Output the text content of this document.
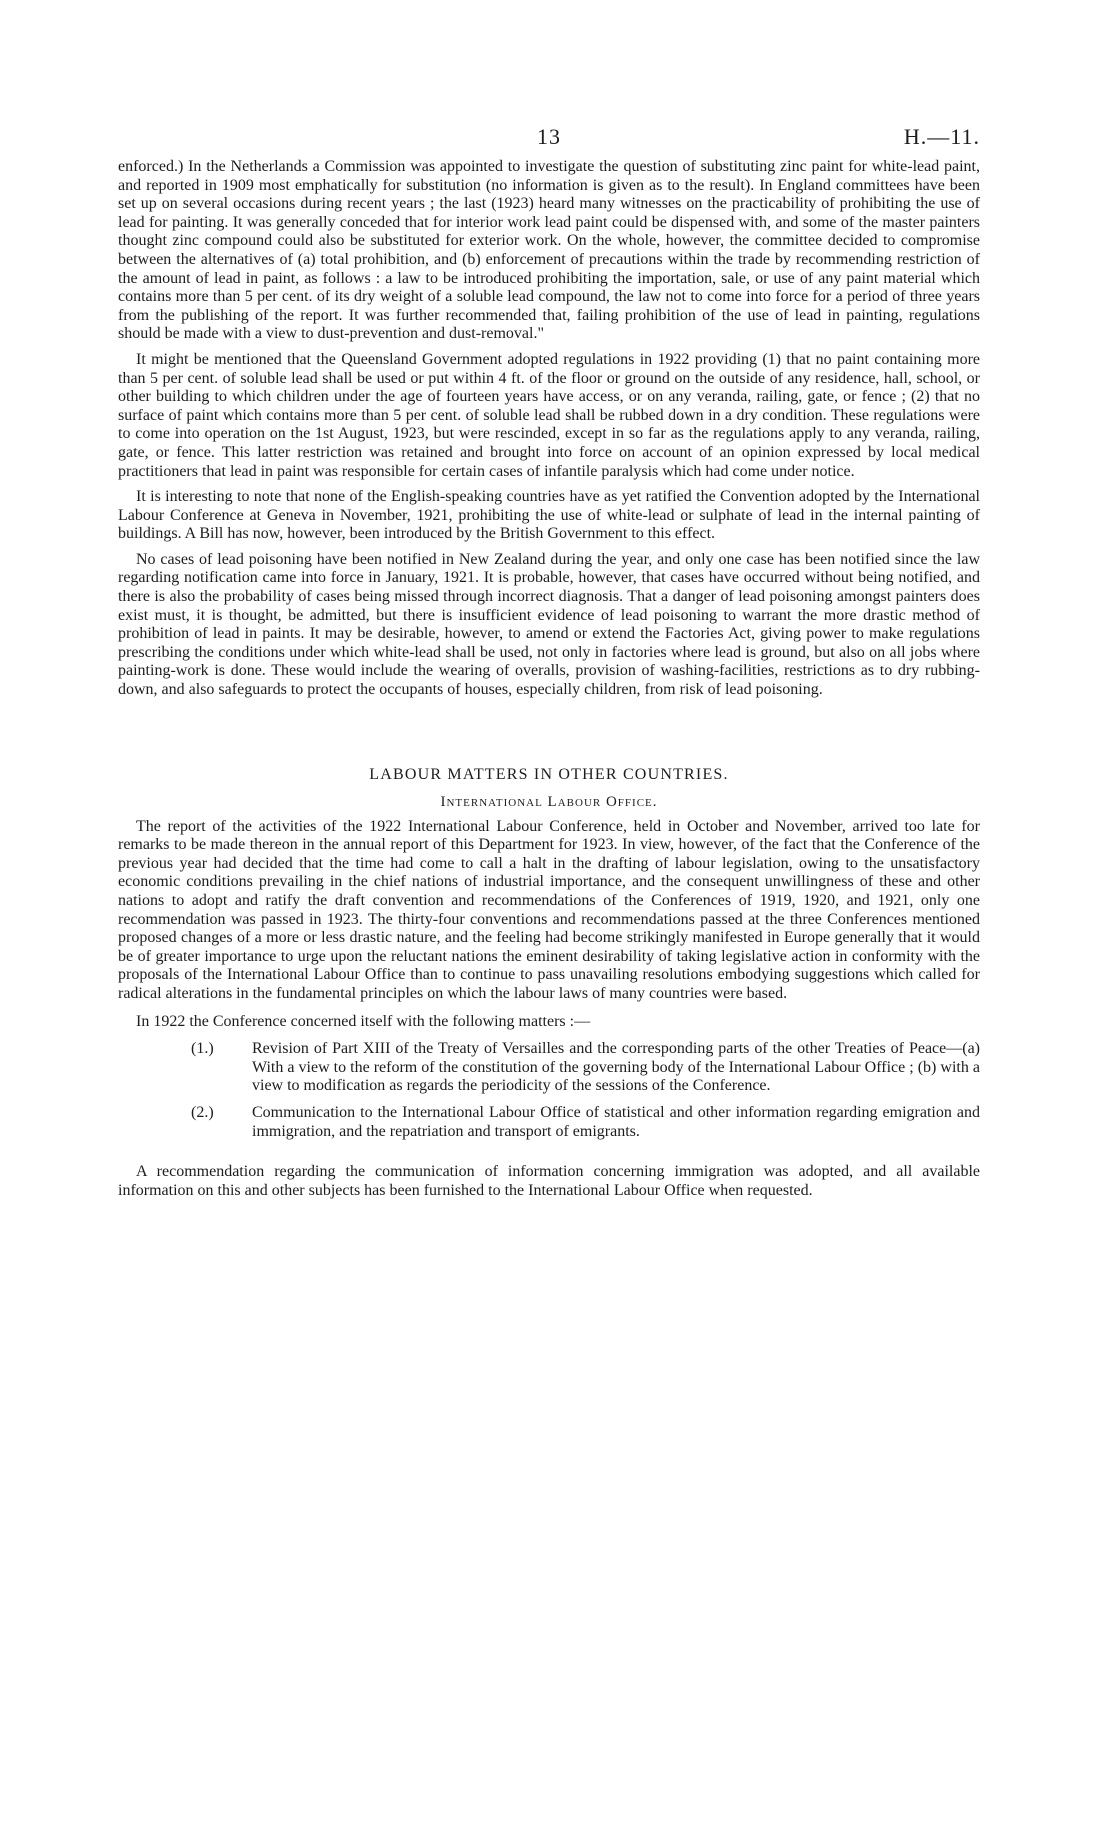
13	H.—11.

enforced.) In the Netherlands a Commission was appointed to investigate the question of substituting zinc paint for white-lead paint, and reported in 1909 most emphatically for substitution (no information is given as to the result). In England committees have been set up on several occasions during recent years ; the last (1923) heard many witnesses on the practicability of prohibiting the use of lead for painting. It was generally conceded that for interior work lead paint could be dispensed with, and some of the master painters thought zinc compound could also be substituted for exterior work. On the whole, however, the committee decided to compromise between the alternatives of (a) total prohibition, and (b) enforcement of precautions within the trade by recommending restriction of the amount of lead in paint, as follows : a law to be introduced prohibiting the importation, sale, or use of any paint material which contains more than 5 per cent. of its dry weight of a soluble lead compound, the law not to come into force for a period of three years from the publishing of the report. It was further recommended that, failing prohibition of the use of lead in painting, regulations should be made with a view to dust-prevention and dust-removal."

It might be mentioned that the Queensland Government adopted regulations in 1922 providing (1) that no paint containing more than 5 per cent. of soluble lead shall be used or put within 4 ft. of the floor or ground on the outside of any residence, hall, school, or other building to which children under the age of fourteen years have access, or on any veranda, railing, gate, or fence ; (2) that no surface of paint which contains more than 5 per cent. of soluble lead shall be rubbed down in a dry condition. These regulations were to come into operation on the 1st August, 1923, but were rescinded, except in so far as the regulations apply to any veranda, railing, gate, or fence. This latter restriction was retained and brought into force on account of an opinion expressed by local medical practitioners that lead in paint was responsible for certain cases of infantile paralysis which had come under notice.

It is interesting to note that none of the English-speaking countries have as yet ratified the Convention adopted by the International Labour Conference at Geneva in November, 1921, prohibiting the use of white-lead or sulphate of lead in the internal painting of buildings. A Bill has now, however, been introduced by the British Government to this effect.

No cases of lead poisoning have been notified in New Zealand during the year, and only one case has been notified since the law regarding notification came into force in January, 1921. It is probable, however, that cases have occurred without being notified, and there is also the probability of cases being missed through incorrect diagnosis. That a danger of lead poisoning amongst painters does exist must, it is thought, be admitted, but there is insufficient evidence of lead poisoning to warrant the more drastic method of prohibition of lead in paints. It may be desirable, however, to amend or extend the Factories Act, giving power to make regulations prescribing the conditions under which white-lead shall be used, not only in factories where lead is ground, but also on all jobs where painting-work is done. These would include the wearing of overalls, provision of washing-facilities, restrictions as to dry rubbing-down, and also safeguards to protect the occupants of houses, especially children, from risk of lead poisoning.

LABOUR MATTERS IN OTHER COUNTRIES.
International Labour Office.

The report of the activities of the 1922 International Labour Conference, held in October and November, arrived too late for remarks to be made thereon in the annual report of this Department for 1923. In view, however, of the fact that the Conference of the previous year had decided that the time had come to call a halt in the drafting of labour legislation, owing to the unsatisfactory economic conditions prevailing in the chief nations of industrial importance, and the consequent unwillingness of these and other nations to adopt and ratify the draft convention and recommendations of the Conferences of 1919, 1920, and 1921, only one recommendation was passed in 1923. The thirty-four conventions and recommendations passed at the three Conferences mentioned proposed changes of a more or less drastic nature, and the feeling had become strikingly manifested in Europe generally that it would be of greater importance to urge upon the reluctant nations the eminent desirability of taking legislative action in conformity with the proposals of the International Labour Office than to continue to pass unavailing resolutions embodying suggestions which called for radical alterations in the fundamental principles on which the labour laws of many countries were based.

In 1922 the Conference concerned itself with the following matters :—

(1.) Revision of Part XIII of the Treaty of Versailles and the corresponding parts of the other Treaties of Peace—(a) With a view to the reform of the constitution of the governing body of the International Labour Office ; (b) with a view to modification as regards the periodicity of the sessions of the Conference.
(2.) Communication to the International Labour Office of statistical and other information regarding emigration and immigration, and the repatriation and transport of emigrants.

A recommendation regarding the communication of information concerning immigration was adopted, and all available information on this and other subjects has been furnished to the International Labour Office when requested.
